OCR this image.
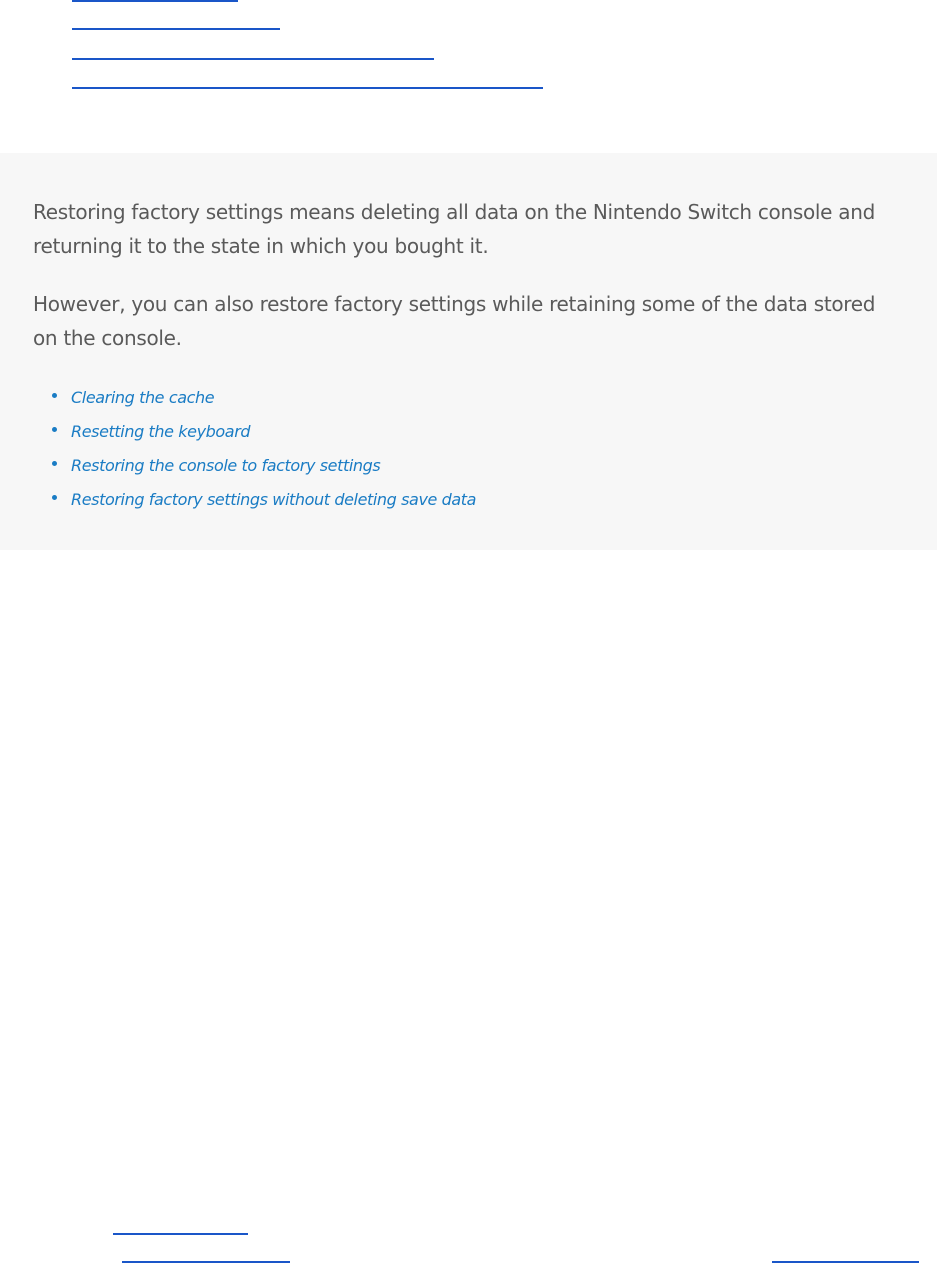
Restoring factory settings means deleting all data on the Nintendo Switch console and returning it to the state in which you bought it.

However, you can also restore factory settings while retaining some of the data stored on the console.

Clearing the cache
Resetting the keyboard
Restoring the console to factory settings
Restoring factory settings without deleting save data
